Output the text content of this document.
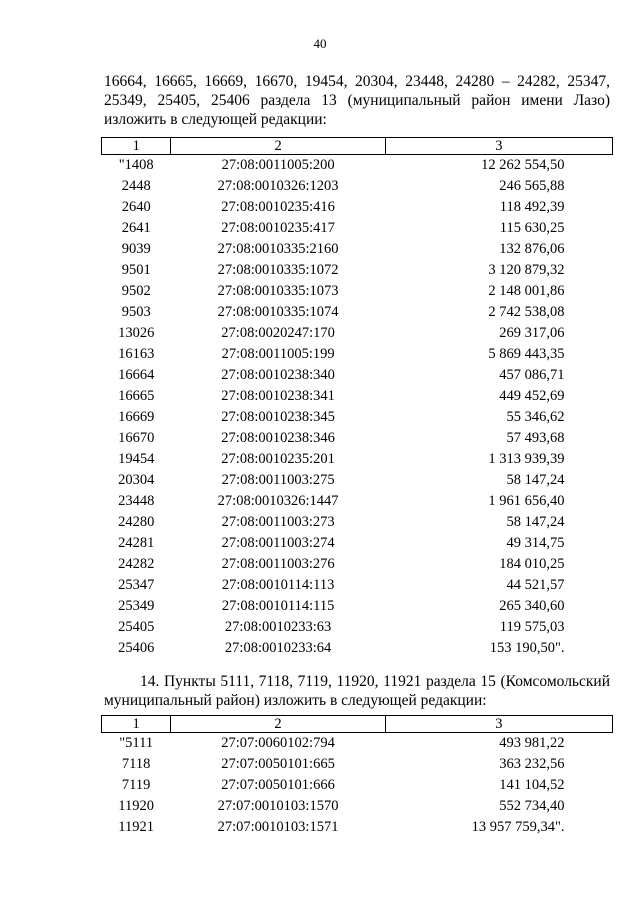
40

16664, 16665, 16669, 16670, 19454, 20304, 23448, 24280 – 24282, 25347, 25349, 25405, 25406 раздела 13 (муниципальный район имени Лазо) изложить в следующей редакции:

1	2	3
"1408	27:08:0011005:200	12 262 554,50
2448	27:08:0010326:1203	246 565,88
2640	27:08:0010235:416	118 492,39
2641	27:08:0010235:417	115 630,25
9039	27:08:0010335:2160	132 876,06
9501	27:08:0010335:1072	3 120 879,32
9502	27:08:0010335:1073	2 148 001,86
9503	27:08:0010335:1074	2 742 538,08
13026	27:08:0020247:170	269 317,06
16163	27:08:0011005:199	5 869 443,35
16664	27:08:0010238:340	457 086,71
16665	27:08:0010238:341	449 452,69
16669	27:08:0010238:345	55 346,62
16670	27:08:0010238:346	57 493,68
19454	27:08:0010235:201	1 313 939,39
20304	27:08:0011003:275	58 147,24
23448	27:08:0010326:1447	1 961 656,40
24280	27:08:0011003:273	58 147,24
24281	27:08:0011003:274	49 314,75
24282	27:08:0011003:276	184 010,25
25347	27:08:0010114:113	44 521,57
25349	27:08:0010114:115	265 340,60
25405	27:08:0010233:63	119 575,03
25406	27:08:0010233:64	153 190,50".

14. Пункты 5111, 7118, 7119, 11920, 11921 раздела 15 (Комсомольский муниципальный район) изложить в следующей редакции:

1	2	3
"5111	27:07:0060102:794	493 981,22
7118	27:07:0050101:665	363 232,56
7119	27:07:0050101:666	141 104,52
11920	27:07:0010103:1570	552 734,40
11921	27:07:0010103:1571	13 957 759,34".
